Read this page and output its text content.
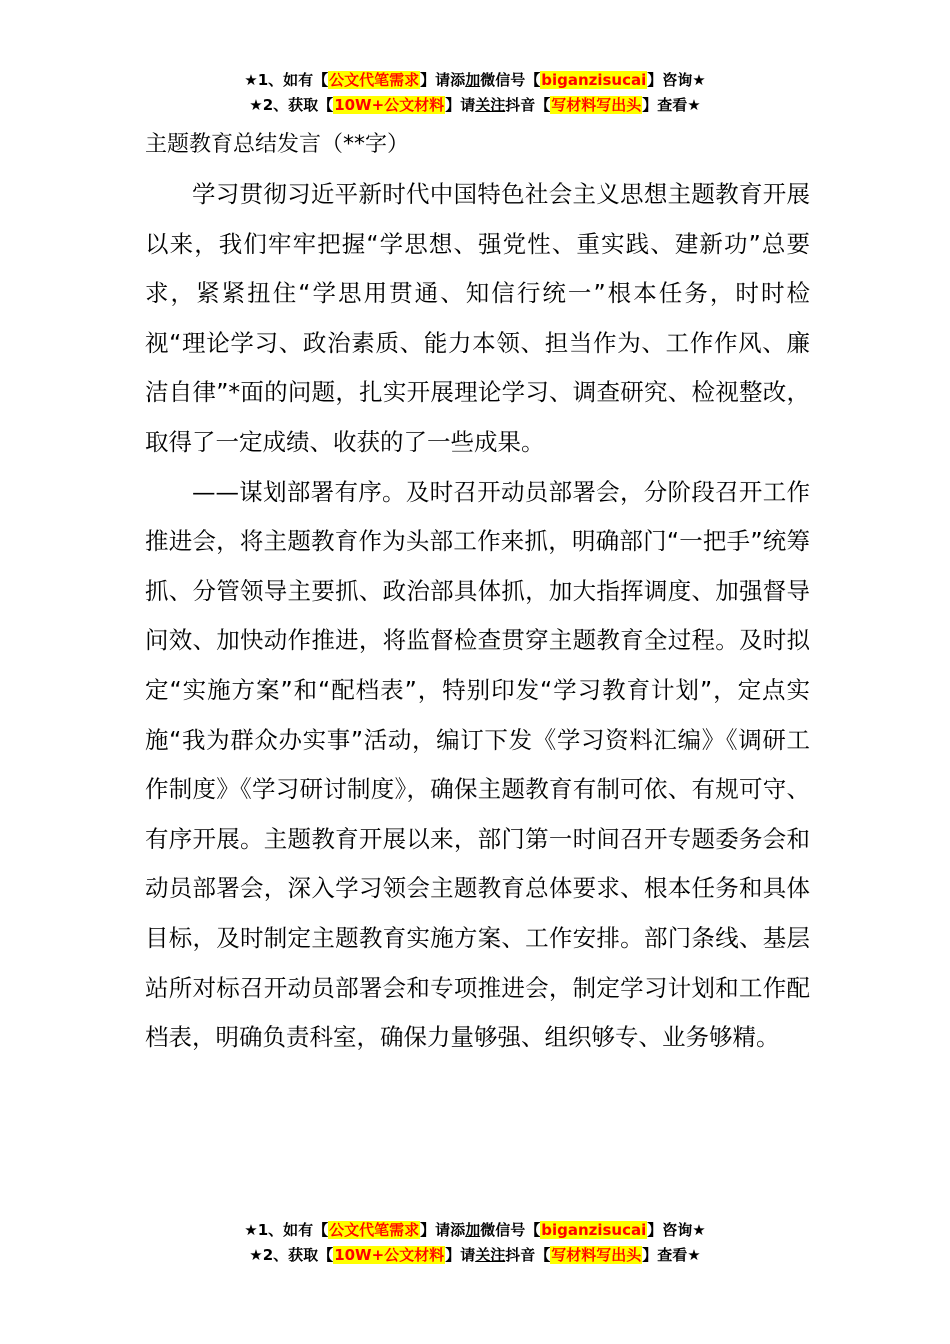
★1、如有【公文代笔需求】请添加微信号【biganzisucai】咨询★
★2、获取【10W+公文材料】请关注抖音【写材料写出头】查看★
主题教育总结发言（**字）

学习贯彻习近平新时代中国特色社会主义思想主题教育开展以来，我们牢牢把握“学思想、强党性、重实践、建新功”总要求，紧紧扭住“学思用贯通、知信行统一”根本任务，时时检视“理论学习、政治素质、能力本领、担当作为、工作作风、廉洁自律”*面的问题，扎实开展理论学习、调查研究、检视整改，取得了一定成绩、收获的了一些成果。

——谋划部署有序。及时召开动员部署会，分阶段召开工作推进会，将主题教育作为头部工作来抓，明确部门“一把手”统筹抓、分管领导主要抓、政治部具体抓，加大指挥调度、加强督导问效、加快动作推进，将监督检查贯穿主题教育全过程。及时拟定“实施方案”和“配档表”，特别印发“学习教育计划”，定点实施“我为群众办实事”活动，编订下发《学习资料汇编》《调研工作制度》《学习研讨制度》，确保主题教育有制可依、有规可守、有序开展。主题教育开展以来，部门第一时间召开专题委务会和动员部署会，深入学习领会主题教育总体要求、根本任务和具体目标，及时制定主题教育实施方案、工作安排。部门条线、基层站所对标召开动员部署会和专项推进会，制定学习计划和工作配档表，明确负责科室，确保力量够强、组织够专、业务够精。

★1、如有【公文代笔需求】请添加微信号【biganzisucai】咨询★
★2、获取【10W+公文材料】请关注抖音【写材料写出头】查看★
